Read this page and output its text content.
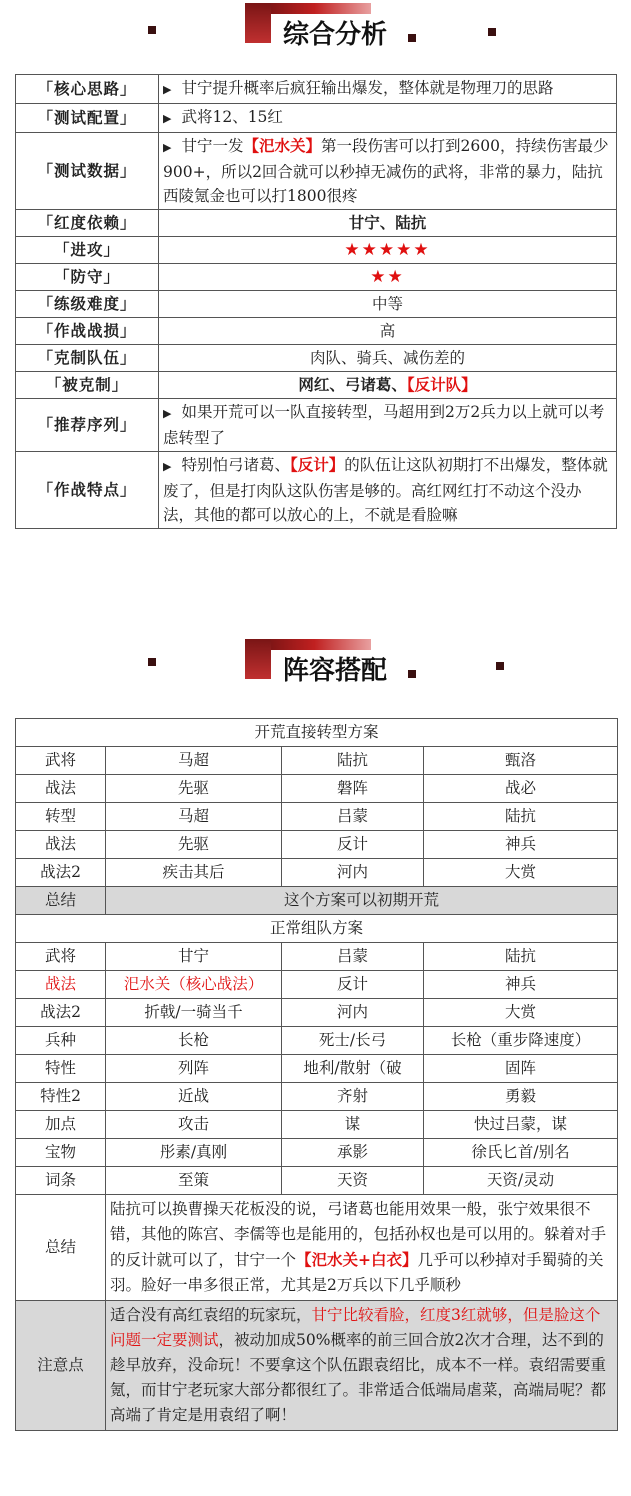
综合分析
「核心思路」	▶ 甘宁提升概率后疯狂输出爆发，整体就是物理刀的思路
「测试配置」	▶ 武将12、15红
「测试数据」	▶ 甘宁一发【汜水关】第一段伤害可以打到2600，持续伤害最少900+，所以2回合就可以秒掉无减伤的武将，非常的暴力，陆抗西陵氪金也可以打1800很疼
「红度依赖」	甘宁、陆抗
「进攻」	★★★★★
「防守」	★★
「练级难度」	中等
「作战战损」	高
「克制队伍」	肉队、骑兵、减伤差的
「被克制」	网红、弓诸葛、【反计队】
「推荐序列」	▶ 如果开荒可以一队直接转型，马超用到2万2兵力以上就可以考虑转型了
「作战特点」	▶ 特别怕弓诸葛、【反计】的队伍让这队初期打不出爆发，整体就废了，但是打肉队这队伤害是够的。高红网红打不动这个没办法，其他的都可以放心的上，不就是看脸嘛
阵容搭配
开荒直接转型方案			
武将	马超	陆抗	甄洛
战法	先驱	磐阵	战必
转型	马超	吕蒙	陆抗
战法	先驱	反计	神兵
战法2	疾击其后	河内	大赏
总结	这个方案可以初期开荒		
正常组队方案			
武将	甘宁	吕蒙	陆抗
战法	汜水关（核心战法）	反计	神兵
战法2	折戟/一骑当千	河内	大赏
兵种	长枪	死士/长弓	长枪（重步降速度）
特性	列阵	地利/散射（破	固阵
特性2	近战	齐射	勇毅
加点	攻击	谋	快过吕蒙，谋
宝物	彤素/真刚	承影	徐氏匕首/别名
词条	至策	天资	天资/灵动
总结	陆抗可以换曹操天花板没的说，弓诸葛也能用效果一般，张宁效果很不错，其他的陈宫、李儒等也是能用的，包括孙权也是可以用的。躲着对手的反计就可以了，甘宁一个【汜水关+白衣】几乎可以秒掉对手蜀骑的关羽。脸好一串多很正常，尤其是2万兵以下几乎顺秒		
注意点	适合没有高红袁绍的玩家玩，甘宁比较看脸，红度3红就够，但是脸这个问题一定要测试，被动加成50%概率的前三回合放2次才合理，达不到的趁早放弃，没命玩！不要拿这个队伍跟袁绍比，成本不一样。袁绍需要重氪，而甘宁老玩家大部分都很红了。非常适合低端局虐菜，高端局呢？都高端了肯定是用袁绍了啊！		
